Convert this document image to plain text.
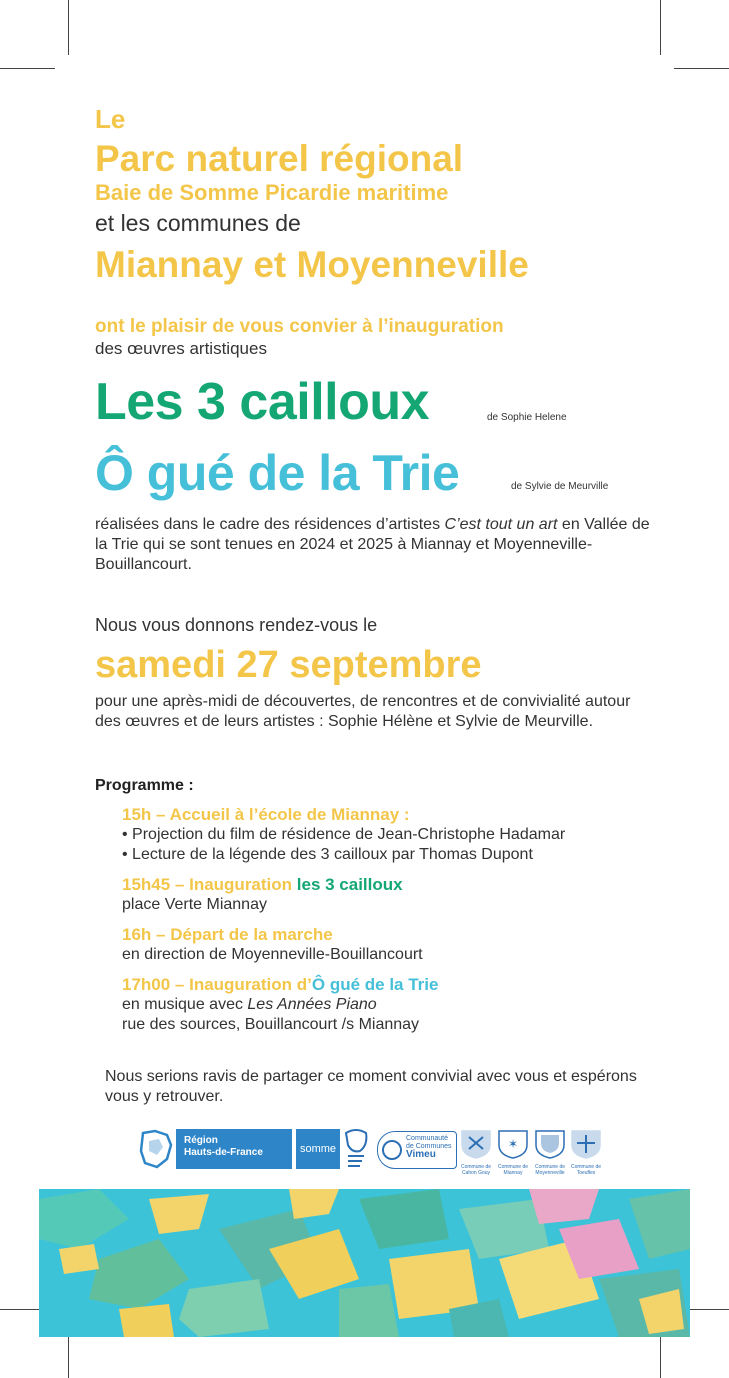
Le
Parc naturel régional
Baie de Somme Picardie maritime
et les communes de
Miannay et Moyenneville
ont le plaisir de vous convier à l’inauguration
des œuvres artistiques
Les 3 cailloux	de Sophie Helene
Ô gué de la Trie	de Sylvie de Meurville
réalisées dans le cadre des résidences d’artistes C’est tout un art en Vallée de la Trie qui se sont tenues en 2024 et 2025 à Miannay et Moyenneville-Bouillancourt.
Nous vous donnons rendez-vous le
samedi 27 septembre
pour une après-midi de découvertes, de rencontres et de convivialité autour des œuvres et de leurs artistes : Sophie Hélène et Sylvie de Meurville.
Programme :
15h – Accueil à l’école de Miannay :
• Projection du film de résidence de Jean-Christophe Hadamar
• Lecture de la légende des 3 cailloux par Thomas Dupont
15h45 – Inauguration les 3 cailloux
place Verte Miannay
16h – Départ de la marche
en direction de Moyenneville-Bouillancourt
17h00 – Inauguration d’Ô gué de la Trie
en musique avec Les Années Piano
rue des sources, Bouillancourt /s Miannay
Nous serions ravis de partager ce moment convivial avec vous et espérons vous y retrouver.
Région
Hauts-de-France	somme
Communauté
de Communes
Vimeu
Commune de Cahon Gouy
✶
Commune de Miannay
Commune de Moyenneville
Commune de Toeufles
